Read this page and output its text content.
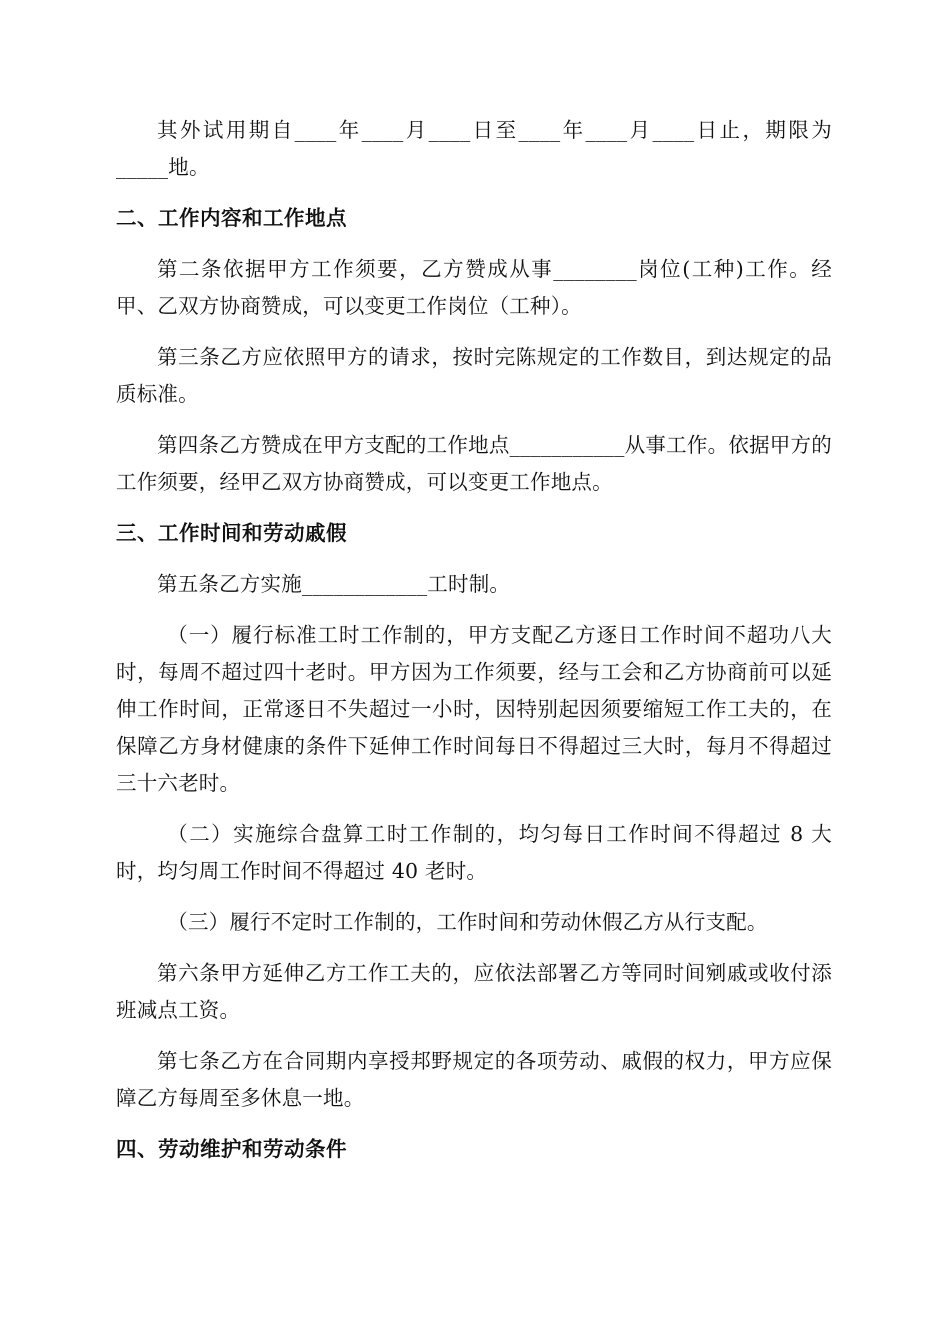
其外试用期自____年____月____日至____年____月____日止，期限为_____地。

二、工作内容和工作地点

第二条依据甲方工作须要，乙方赞成从事________岗位(工种)工作。经甲、乙双方协商赞成，可以变更工作岗位（工种）。

第三条乙方应依照甲方的请求，按时完陈规定的工作数目，到达规定的品质标准。

第四条乙方赞成在甲方支配的工作地点___________从事工作。依据甲方的工作须要，经甲乙双方协商赞成，可以变更工作地点。

三、工作时间和劳动戚假

第五条乙方实施____________工时制。

（一）履行标准工时工作制的，甲方支配乙方逐日工作时间不超功八大时，每周不超过四十老时。甲方因为工作须要，经与工会和乙方协商前可以延伸工作时间，正常逐日不失超过一小时，因特别起因须要缩短工作工夫的，在保障乙方身材健康的条件下延伸工作时间每日不得超过三大时，每月不得超过三十六老时。

（二）实施综合盘算工时工作制的，均匀每日工作时间不得超过 8 大时，均匀周工作时间不得超过 40 老时。

（三）履行不定时工作制的，工作时间和劳动休假乙方从行支配。

第六条甲方延伸乙方工作工夫的，应依法部署乙方等同时间剜戚或收付添班减点工资。

第七条乙方在合同期内享授邦野规定的各项劳动、戚假的权力，甲方应保障乙方每周至多休息一地。

四、劳动维护和劳动条件
